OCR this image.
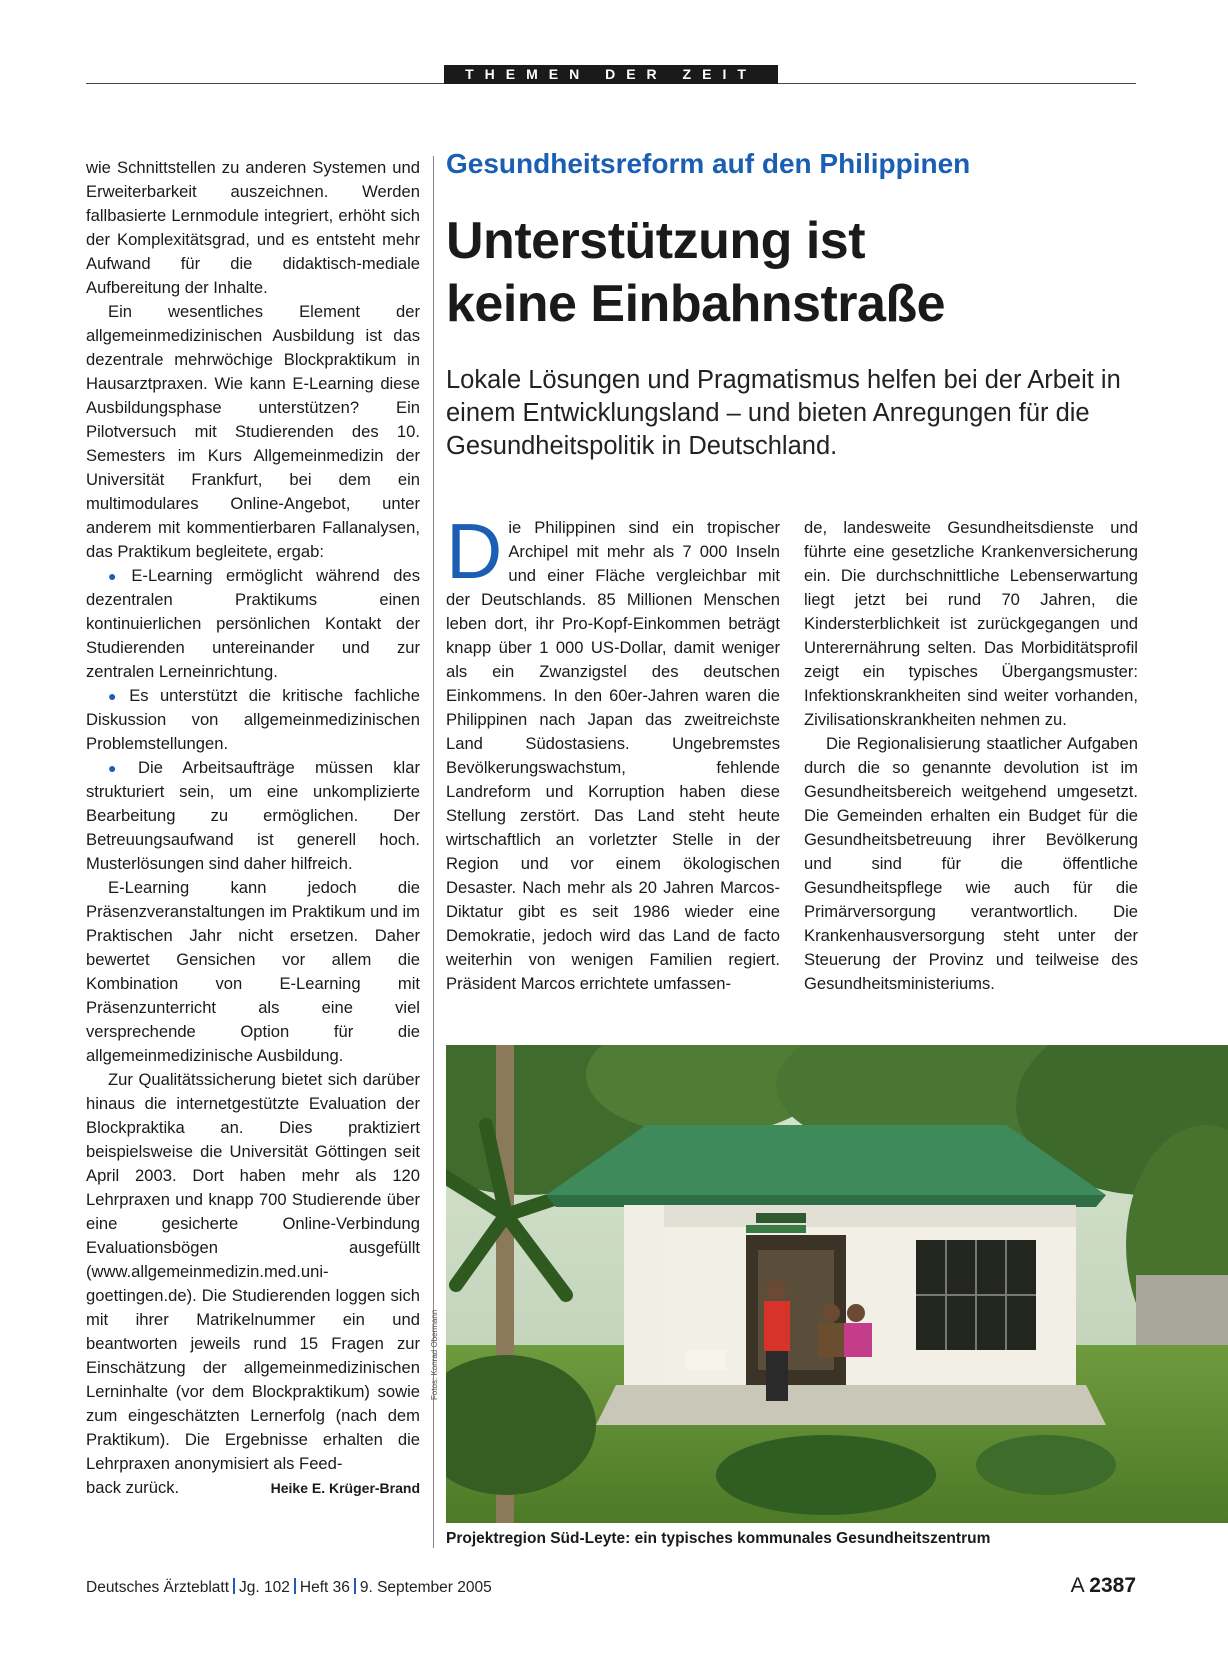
THEMEN DER ZEIT

wie Schnittstellen zu anderen Systemen und Erweiterbarkeit auszeichnen. Werden fallbasierte Lernmodule integriert, erhöht sich der Komplexitätsgrad, und es entsteht mehr Aufwand für die didaktisch-mediale Aufbereitung der Inhalte.

Ein wesentliches Element der allgemeinmedizinischen Ausbildung ist das dezentrale mehrwöchige Blockpraktikum in Hausarztpraxen. Wie kann E-Learning diese Ausbildungsphase unterstützen? Ein Pilotversuch mit Studierenden des 10. Semesters im Kurs Allgemeinmedizin der Universität Frankfurt, bei dem ein multimodulares Online-Angebot, unter anderem mit kommentierbaren Fallanalysen, das Praktikum begleitete, ergab:

● E-Learning ermöglicht während des dezentralen Praktikums einen kontinuierlichen persönlichen Kontakt der Studierenden untereinander und zur zentralen Lerneinrichtung.

● Es unterstützt die kritische fachliche Diskussion von allgemeinmedizinischen Problemstellungen.

● Die Arbeitsaufträge müssen klar strukturiert sein, um eine unkomplizierte Bearbeitung zu ermöglichen. Der Betreuungsaufwand ist generell hoch. Musterlösungen sind daher hilfreich.

E-Learning kann jedoch die Präsenzveranstaltungen im Praktikum und im Praktischen Jahr nicht ersetzen. Daher bewertet Gensichen vor allem die Kombination von E-Learning mit Präsenzunterricht als eine viel versprechende Option für die allgemeinmedizinische Ausbildung.

Zur Qualitätssicherung bietet sich darüber hinaus die internetgestützte Evaluation der Blockpraktika an. Dies praktiziert beispielsweise die Universität Göttingen seit April 2003. Dort haben mehr als 120 Lehrpraxen und knapp 700 Studierende über eine gesicherte Online-Verbindung Evaluationsbögen ausgefüllt (www.allgemeinmedizin.med.uni-goettingen.de). Die Studierenden loggen sich mit ihrer Matrikelnummer ein und beantworten jeweils rund 15 Fragen zur Einschätzung der allgemeinmedizinischen Lerninhalte (vor dem Blockpraktikum) sowie zum eingeschätzten Lernerfolg (nach dem Praktikum). Die Ergebnisse erhalten die Lehrpraxen anonymisiert als Feed-

back zurück.	Heike E. Krüger-Brand
Gesundheitsreform auf den Philippinen
Unterstützung ist
keine Einbahnstraße
Lokale Lösungen und Pragmatismus helfen bei der Arbeit in einem Entwicklungsland – und bieten Anregungen für die Gesundheitspolitik in Deutschland.

Die Philippinen sind ein tropischer Archipel mit mehr als 7 000 Inseln und einer Fläche vergleichbar mit der Deutschlands. 85 Millionen Menschen leben dort, ihr Pro-Kopf-Einkommen beträgt knapp über 1 000 US-Dollar, damit weniger als ein Zwanzigstel des deutschen Einkommens. In den 60er-Jahren waren die Philippinen nach Japan das zweitreichste Land Südostasiens. Ungebremstes Bevölkerungswachstum, fehlende Landreform und Korruption haben diese Stellung zerstört. Das Land steht heute wirtschaftlich an vorletzter Stelle in der Region und vor einem ökologischen Desaster. Nach mehr als 20 Jahren Marcos-Diktatur gibt es seit 1986 wieder eine Demokratie, jedoch wird das Land de facto weiterhin von wenigen Familien regiert. Präsident Marcos errichtete umfassen-

de, landesweite Gesundheitsdienste und führte eine gesetzliche Krankenversicherung ein. Die durchschnittliche Lebenserwartung liegt jetzt bei rund 70 Jahren, die Kindersterblichkeit ist zurückgegangen und Unterernährung selten. Das Morbiditätsprofil zeigt ein typisches Übergangsmuster: Infektionskrankheiten sind weiter vorhanden, Zivilisationskrankheiten nehmen zu.

Die Regionalisierung staatlicher Aufgaben durch die so genannte devolution ist im Gesundheitsbereich weitgehend umgesetzt. Die Gemeinden erhalten ein Budget für die Gesundheitsbetreuung ihrer Bevölkerung und sind für die öffentliche Gesundheitspflege wie auch für die Primärversorgung verantwortlich. Die Krankenhausversorgung steht unter der Steuerung der Provinz und teilweise des Gesundheitsministeriums.

Fotos: Konrad Obermann
Projektregion Süd-Leyte: ein typisches kommunales Gesundheitszentrum
Deutsches Ärzteblatt Jg. 102 Heft 36 9. September 2005	A 2387
